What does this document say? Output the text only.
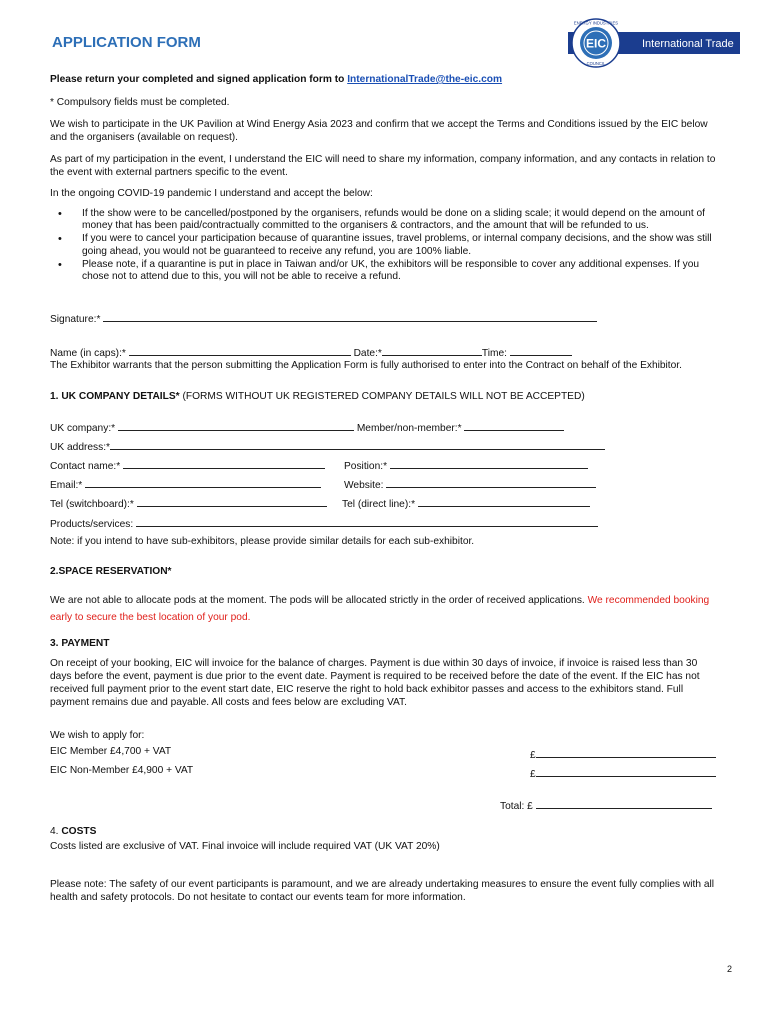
EIC
ENERGY INDUSTRIES
COUNCIL
International Trade
APPLICATION FORM
Please return your completed and signed application form to InternationalTrade@the-eic.com
* Compulsory fields must be completed.
We wish to participate in the UK Pavilion at Wind Energy Asia 2023 and confirm that we accept the Terms and Conditions issued by the EIC below and the organisers (available on request).
As part of my participation in the event, I understand the EIC will need to share my information, company information, and any contacts in relation to the event with external partners specific to the event.
In the ongoing COVID-19 pandemic I understand and accept the below:
• If the show were to be cancelled/postponed by the organisers, refunds would be done on a sliding scale; it would depend on the amount of money that has been paid/contractually committed to the organisers & contractors, and the amount that will be refunded to us.
• If you were to cancel your participation because of quarantine issues, travel problems, or internal company decisions, and the show was still going ahead, you would not be guaranteed to receive any refund, you are 100% liable.
• Please note, if a quarantine is put in place in Taiwan and/or UK, the exhibitors will be responsible to cover any additional expenses. If you chose not to attend due to this, you will not be able to receive a refund.
Signature:*
Name (in caps):*	Date:*	Time:
The Exhibitor warrants that the person submitting the Application Form is fully authorised to enter into the Contract on behalf of the Exhibitor.
1. UK COMPANY DETAILS* (FORMS WITHOUT UK REGISTERED COMPANY DETAILS WILL NOT BE ACCEPTED)
UK company:*	Member/non-member:*
UK address:*
Contact name:*	Position:*
Email:*	Website:
Tel (switchboard):*	Tel (direct line):*
Products/services:
Note: if you intend to have sub-exhibitors, please provide similar details for each sub-exhibitor.
2.SPACE RESERVATION*
We are not able to allocate pods at the moment. The pods will be allocated strictly in the order of received applications. We recommended booking
early to secure the best location of your pod.
3. PAYMENT
On receipt of your booking, EIC will invoice for the balance of charges. Payment is due within 30 days of invoice, if invoice is raised less than 30 days before the event, payment is due prior to the event date. Payment is required to be received before the date of the event. If the EIC has not received full payment prior to the event start date, EIC reserve the right to hold back exhibitor passes and access to the exhibitors stand. Full payment remains due and payable. All costs and fees below are excluding VAT.
We wish to apply for:
EIC Member £4,700 + VAT	£
EIC Non-Member £4,900 + VAT	£
Total: £
4. COSTS
Costs listed are exclusive of VAT. Final invoice will include required VAT (UK VAT 20%)
Please note: The safety of our event participants is paramount, and we are already undertaking measures to ensure the event fully complies with all health and safety protocols. Do not hesitate to contact our events team for more information.
2
